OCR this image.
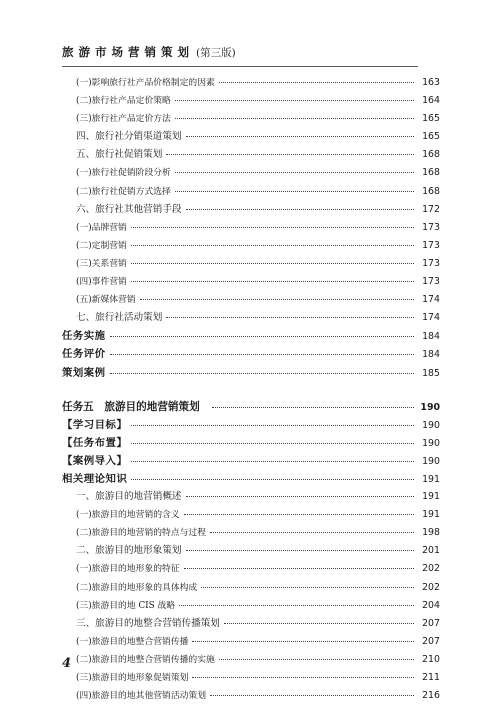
旅游市场营销策划 (第三版)
(一)影响旅行社产品价格制定的因素	163
(二)旅行社产品定价策略	164
(三)旅行社产品定价方法	165
四、旅行社分销渠道策划	165
五、旅行社促销策划	168
(一)旅行社促销阶段分析	168
(二)旅行社促销方式选择	168
六、旅行社其他营销手段	172
(一)品牌营销	173
(二)定制营销	173
(三)关系营销	173
(四)事件营销	173
(五)新媒体营销	174
七、旅行社活动策划	174
任务实施	184
任务评价	184
策划案例	185
任务五　旅游目的地营销策划	190
【学习目标】	190
【任务布置】	190
【案例导入】	190
相关理论知识	191
一、旅游目的地营销概述	191
(一)旅游目的地营销的含义	191
(二)旅游目的地营销的特点与过程	198
二、旅游目的地形象策划	201
(一)旅游目的地形象的特征	202
(二)旅游目的地形象的具体构成	202
(三)旅游目的地 CIS 战略	204
三、旅游目的地整合营销传播策划	207
(一)旅游目的地整合营销传播	207
(二)旅游目的地整合营销传播的实施	210
(三)旅游目的地形象促销策划	211
(四)旅游目的地其他营销活动策划	216
4
